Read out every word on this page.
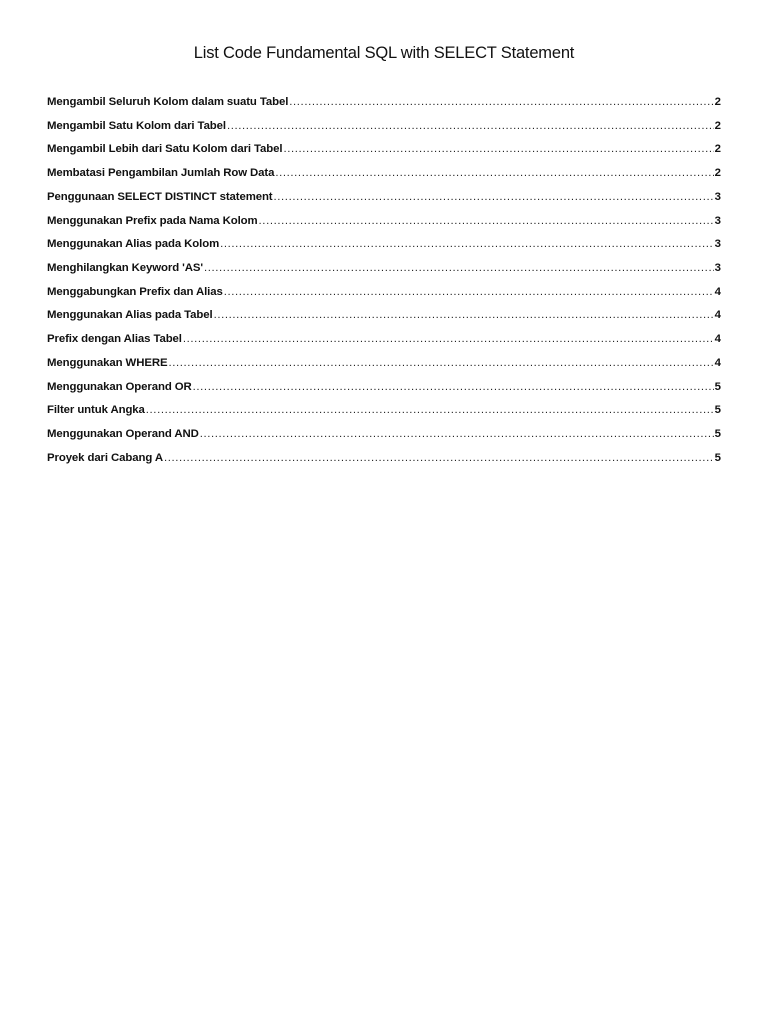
List Code Fundamental SQL with SELECT Statement
Mengambil Seluruh Kolom dalam suatu Tabel .....	2
Mengambil Satu Kolom dari Tabel .....	2
Mengambil Lebih dari Satu Kolom dari Tabel .....	2
Membatasi Pengambilan Jumlah Row Data .....	2
Penggunaan SELECT DISTINCT statement .....	3
Menggunakan Prefix pada Nama Kolom .....	3
Menggunakan Alias pada Kolom .....	3
Menghilangkan Keyword 'AS' .....	3
Menggabungkan Prefix dan Alias .....	4
Menggunakan Alias pada Tabel .....	4
Prefix dengan Alias Tabel .....	4
Menggunakan WHERE .....	4
Menggunakan Operand OR .....	5
Filter untuk Angka .....	5
Menggunakan Operand AND .....	5
Proyek dari Cabang A .....	5
